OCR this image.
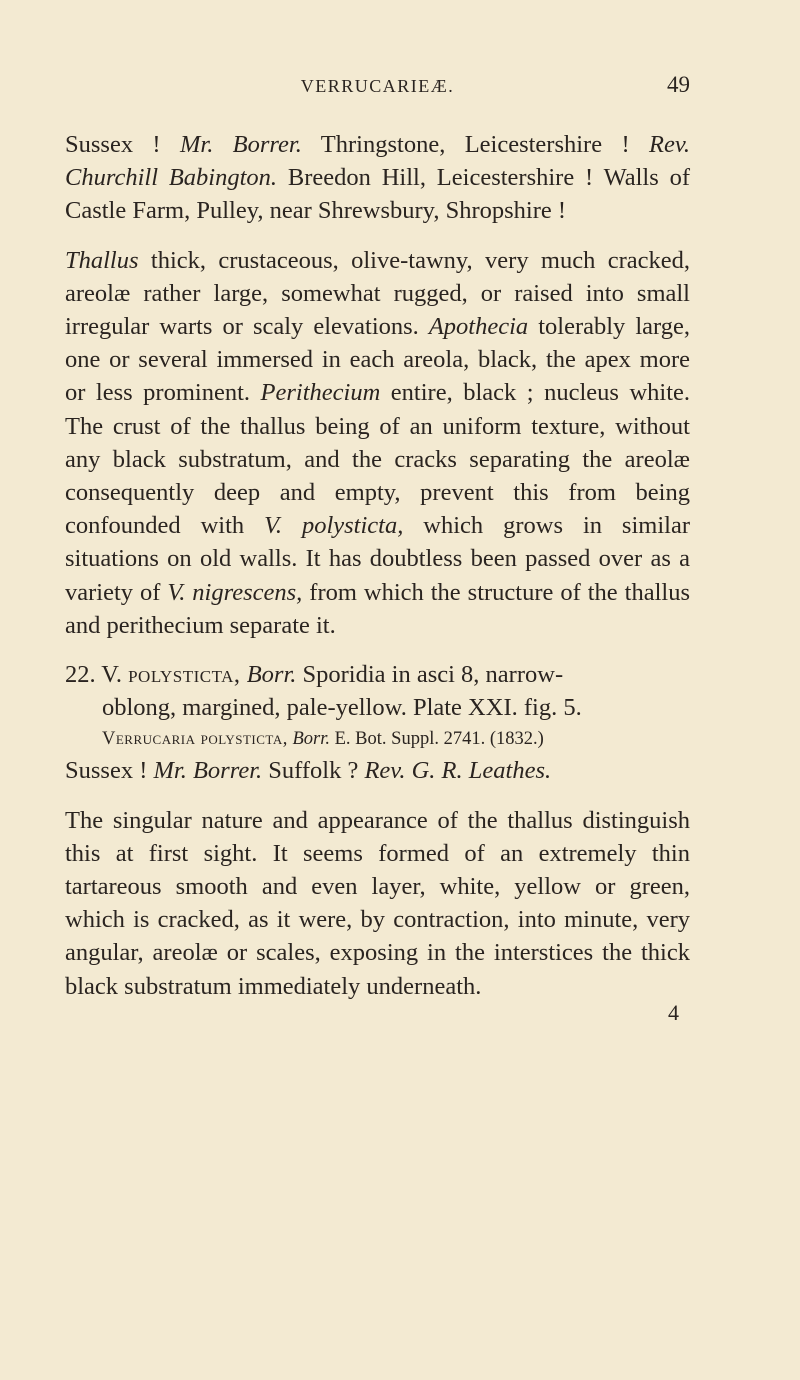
VERRUCARIEÆ.	49

Sussex ! Mr. Borrer. Thringstone, Leicestershire ! Rev. Churchill Babington. Breedon Hill, Leicestershire ! Walls of Castle Farm, Pulley, near Shrewsbury, Shropshire !

Thallus thick, crustaceous, olive-tawny, very much cracked, areolæ rather large, somewhat rugged, or raised into small irregular warts or scaly elevations. Apothecia tolerably large, one or several immersed in each areola, black, the apex more or less prominent. Perithecium entire, black ; nucleus white. The crust of the thallus being of an uniform texture, without any black substratum, and the cracks separating the areolæ consequently deep and empty, prevent this from being confounded with V. polysticta, which grows in similar situations on old walls. It has doubtless been passed over as a variety of V. nigrescens, from which the structure of the thallus and perithecium separate it.

22. V. polysticta, Borr. Sporidia in asci 8, narrow-

oblong, margined, pale-yellow. Plate XXI. fig. 5.

Verrucaria polysticta, Borr. E. Bot. Suppl. 2741. (1832.)

Sussex ! Mr. Borrer. Suffolk ? Rev. G. R. Leathes.

The singular nature and appearance of the thallus distinguish this at first sight. It seems formed of an extremely thin tartareous smooth and even layer, white, yellow or green, which is cracked, as it were, by contraction, into minute, very angular, areolæ or scales, exposing in the interstices the thick black substratum immediately underneath.

4
